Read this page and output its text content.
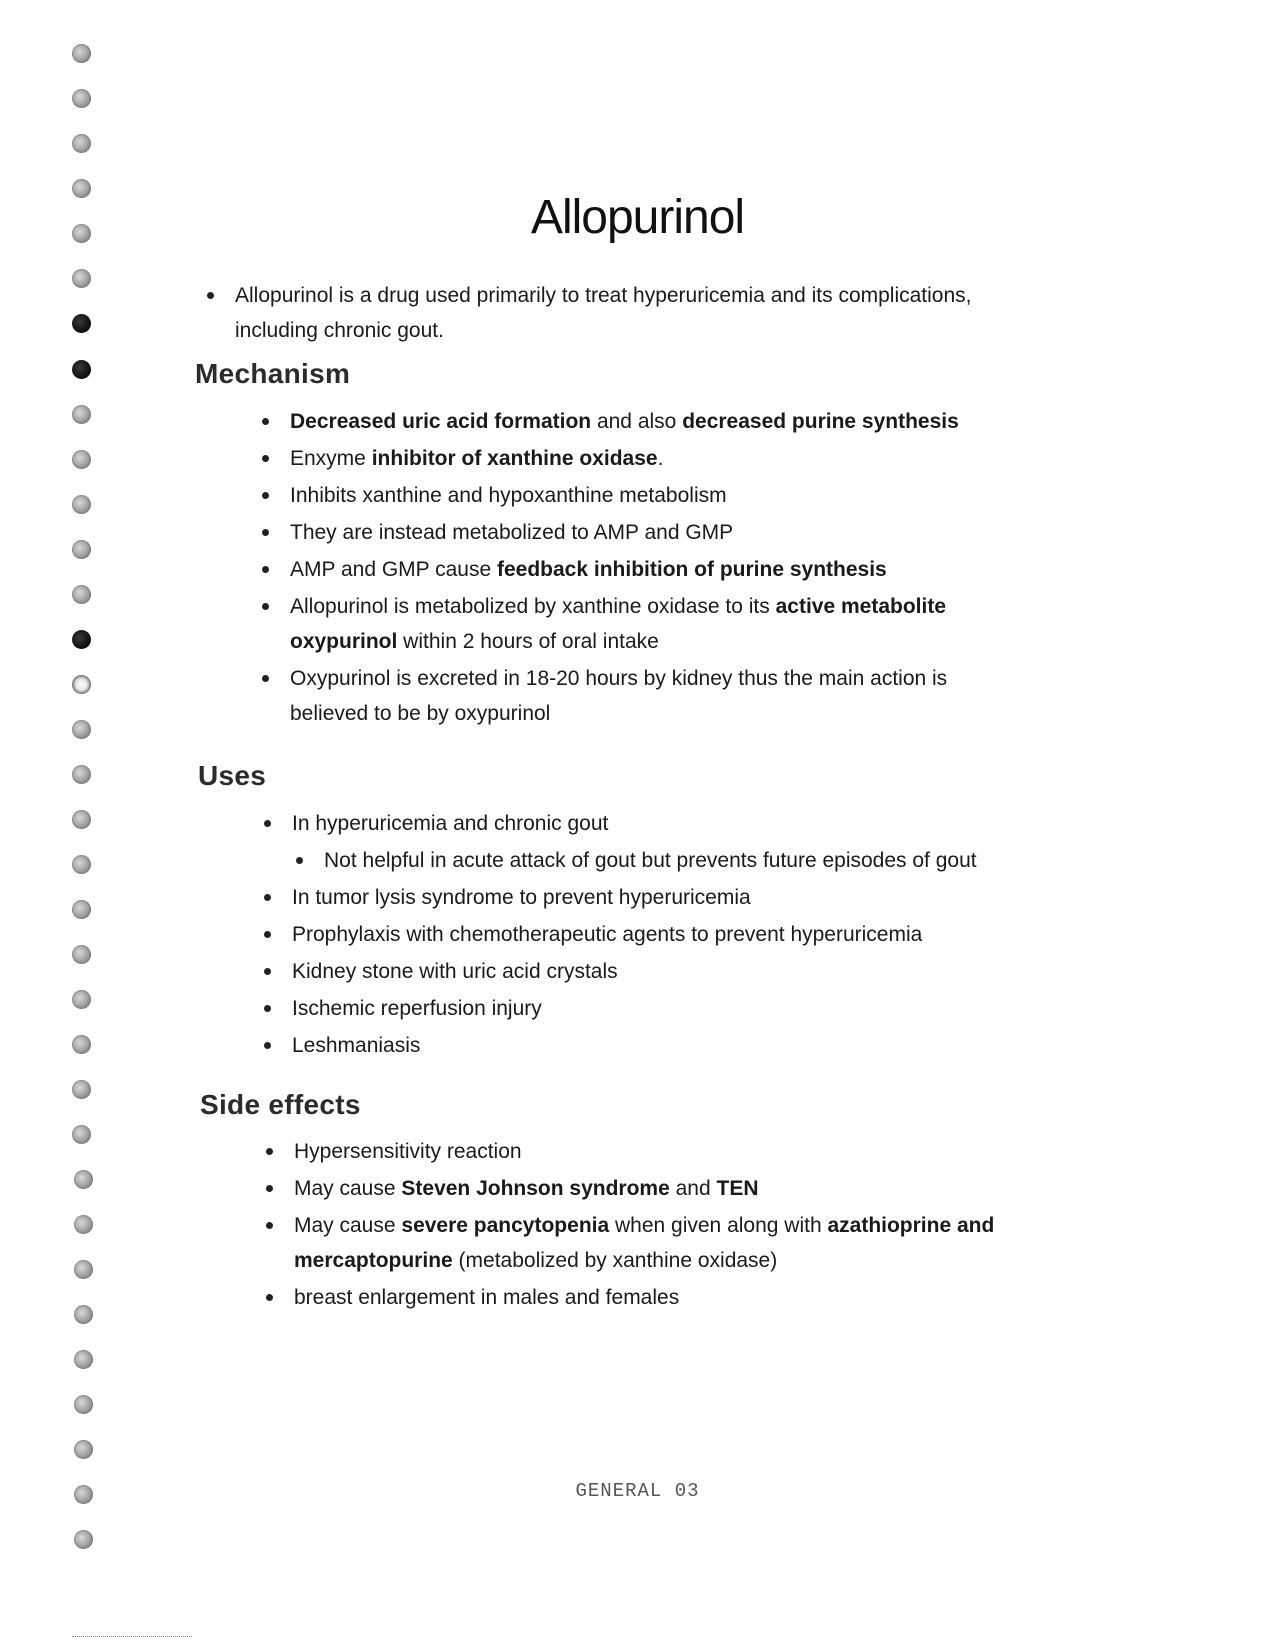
Allopurinol
Allopurinol is a drug used primarily to treat hyperuricemia and its complications, including chronic gout.
Mechanism
Decreased uric acid formation and also decreased purine synthesis
Enxyme inhibitor of xanthine oxidase.
Inhibits xanthine and hypoxanthine metabolism
They are instead metabolized to AMP and GMP
AMP and GMP cause feedback inhibition of purine synthesis
Allopurinol is metabolized by xanthine oxidase to its active metabolite oxypurinol within 2 hours of oral intake
Oxypurinol is excreted in 18-20 hours by kidney thus the main action is believed to be by oxypurinol
Uses
In hyperuricemia and chronic gout
Not helpful in acute attack of gout but prevents future episodes of gout
In tumor lysis syndrome to prevent hyperuricemia
Prophylaxis with chemotherapeutic agents to prevent hyperuricemia
Kidney stone with uric acid crystals
Ischemic reperfusion injury
Leshmaniasis
Side effects
Hypersensitivity reaction
May cause Steven Johnson syndrome and TEN
May cause severe pancytopenia when given along with azathioprine and mercaptopurine (metabolized by xanthine oxidase)
breast enlargement in males and females
GENERAL 03
